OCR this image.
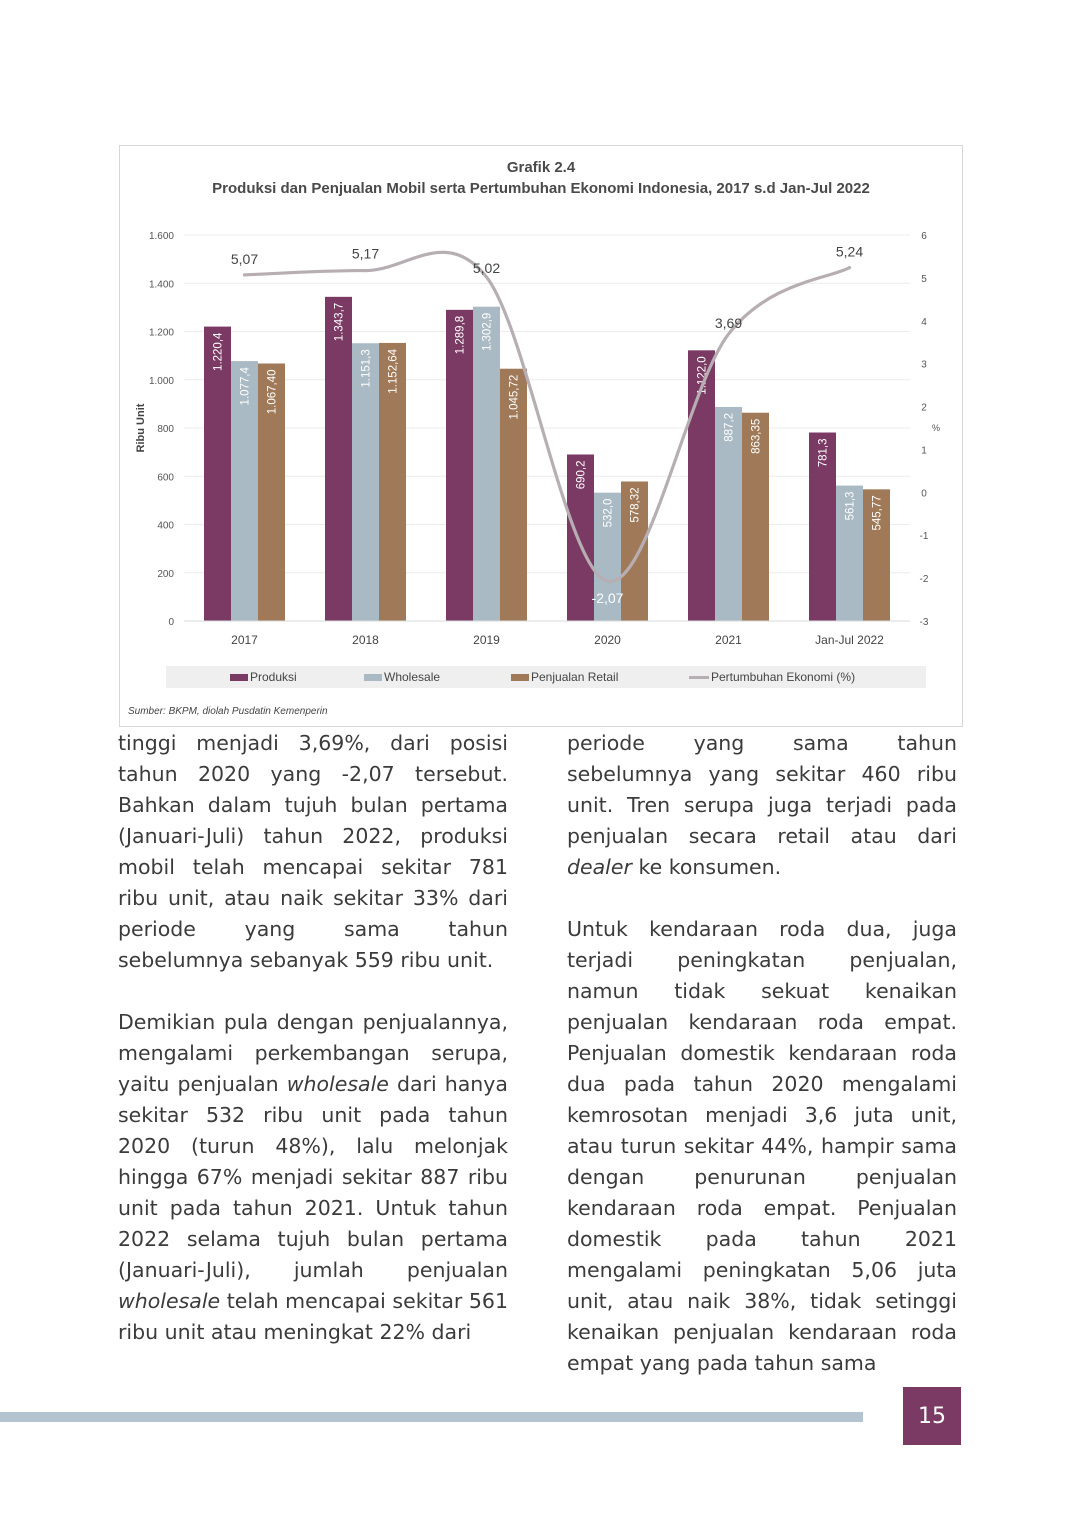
Grafik 2.4
Produksi dan Penjualan Mobil serta Pertumbuhan Ekonomi Indonesia, 2017 s.d Jan-Jul 2022
0
200
400
600
800
1.000
1.200
1.400
1.600
-3
-2
-1
0
1
2
3
4
5
6
Ribu Unit	%
1.220,4
1.343,7	1.289,8
690,2
1.122,0
781,3
1.077,4	1.151,3
1.302,9
532,0
887,2
561,3
1.067,40	1.152,64
1.045,72
578,32
863,35
545,77
2017	2018	2019	2020	2021	Jan-Jul 2022
5,07	5,17
5,02
-2,07
3,69
5,24
Produksi	Wholesale	Penjualan Retail	Pertumbuhan Ekonomi (%)
Sumber: BKPM, diolah Pusdatin Kemenperin

tinggi menjadi 3,69%, dari posisi tahun 2020 yang -2,07 tersebut. Bahkan dalam tujuh bulan pertama (Januari-Juli) tahun 2022, produksi mobil telah mencapai sekitar 781 ribu unit, atau naik sekitar 33% dari periode yang sama tahun sebelumnya sebanyak 559 ribu unit.

Demikian pula dengan penjualannya, mengalami perkembangan serupa, yaitu penjualan wholesale dari hanya sekitar 532 ribu unit pada tahun 2020 (turun 48%), lalu melonjak hingga 67% menjadi sekitar 887 ribu unit pada tahun 2021. Untuk tahun 2022 selama tujuh bulan pertama (Januari-Juli), jumlah penjualan wholesale telah mencapai sekitar 561 ribu unit atau meningkat 22% dari

periode yang sama tahun sebelumnya yang sekitar 460 ribu unit. Tren serupa juga terjadi pada penjualan secara retail atau dari dealer ke konsumen.

Untuk kendaraan roda dua, juga terjadi peningkatan penjualan, namun tidak sekuat kenaikan penjualan kendaraan roda empat. Penjualan domestik kendaraan roda dua pada tahun 2020 mengalami kemrosotan menjadi 3,6 juta unit, atau turun sekitar 44%, hampir sama dengan penurunan penjualan kendaraan roda empat. Penjualan domestik pada tahun 2021 mengalami peningkatan 5,06 juta unit, atau naik 38%, tidak setinggi kenaikan penjualan kendaraan roda empat yang pada tahun sama

15
